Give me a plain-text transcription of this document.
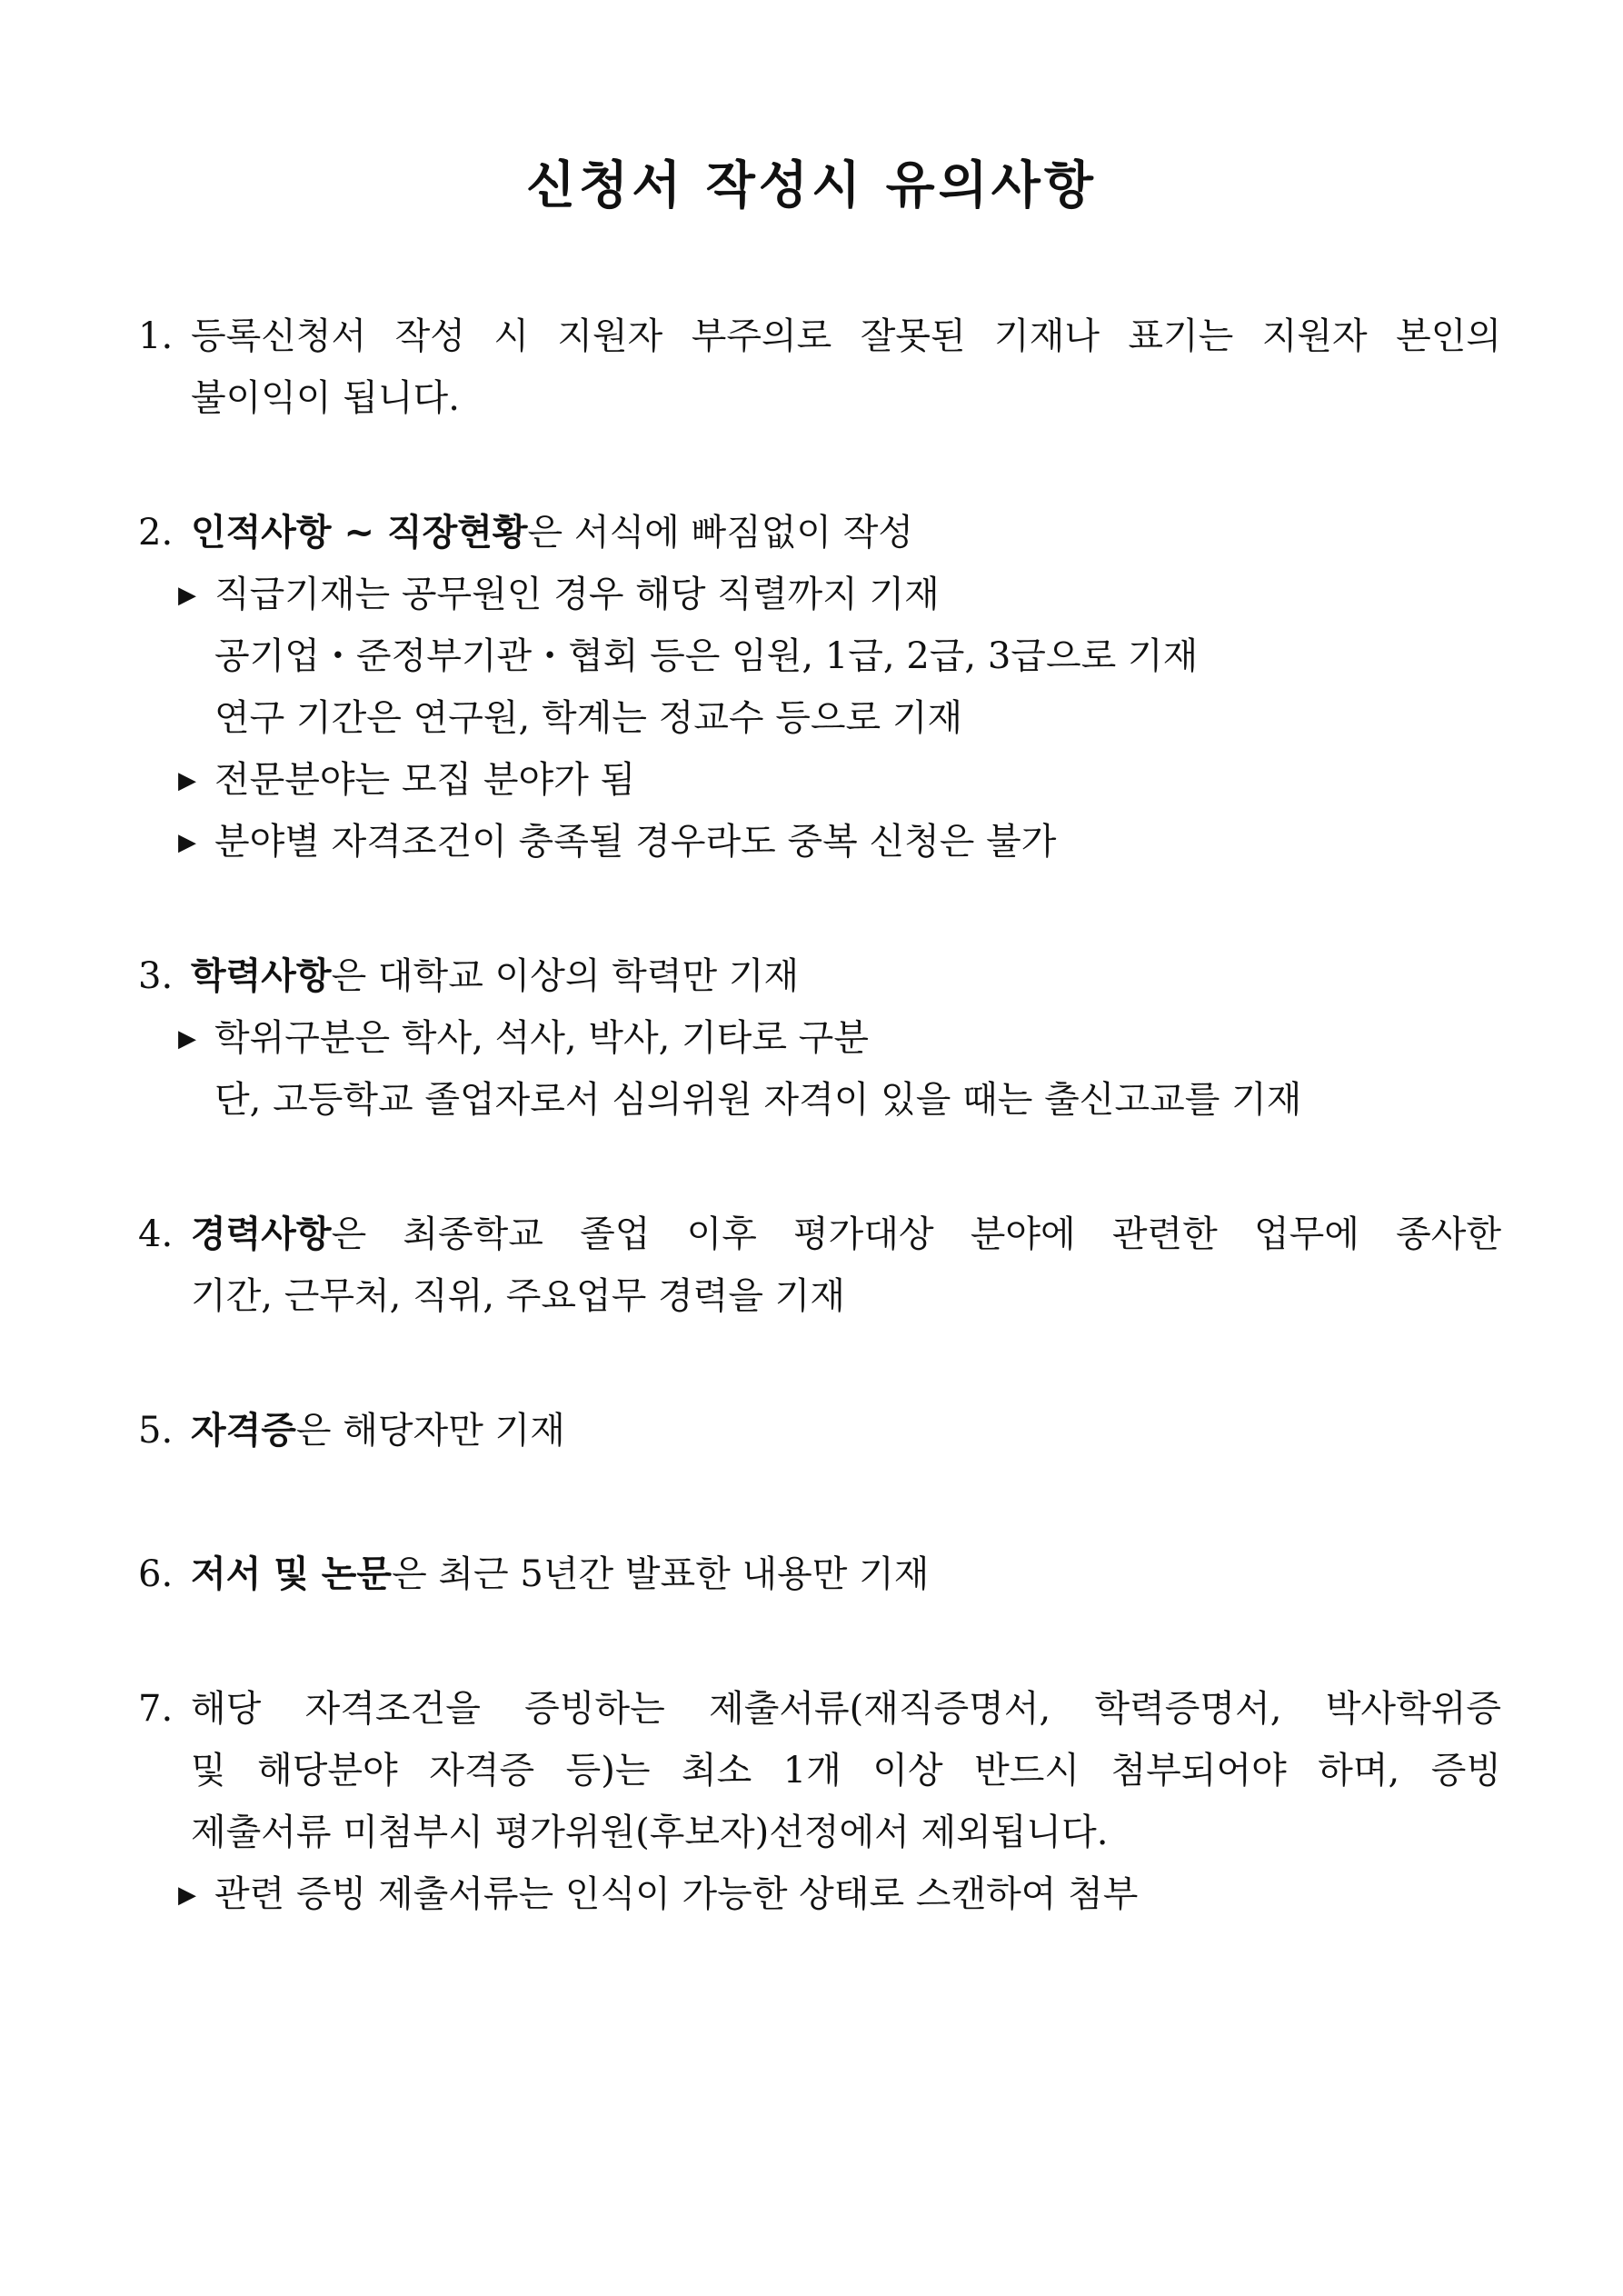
신청서 작성시 유의사항
1. 등록신청서 작성 시 지원자 부주의로 잘못된 기재나 표기는 지원자 본인의
불이익이 됩니다.
2. 인적사항 ~ 직장현황은 서식에 빠짐없이 작성
▶ 직급기재는 공무원인 경우 해당 직렬까지 기재
공기업・준정부기관・협회 등은 임원, 1급, 2급, 3급으로 기재
연구 기간은 연구원, 학계는 정교수 등으로 기재
▶ 전문분야는 모집 분야가 됨
▶ 분야별 자격조건이 충족될 경우라도 중복 신청은 불가
3. 학력사항은 대학교 이상의 학력만 기재
▶ 학위구분은 학사, 석사, 박사, 기타로 구분
단, 고등학교 졸업자로서 심의위원 자격이 있을 때는 출신고교를 기재
4. 경력사항은 최종학교 졸업 이후 평가대상 분야에 관련한 업무에 종사한
기간, 근무처, 직위, 주요업무 경력을 기재
5. 자격증은 해당자만 기재
6. 저서 및 논문은 최근 5년간 발표한 내용만 기재
7. 해당 자격조건을 증빙하는 제출서류(재직증명서, 학력증명서, 박사학위증
및 해당분야 자격증 등)는 최소 1개 이상 반드시 첨부되어야 하며, 증빙
제출서류 미첨부시 평가위원(후보자)선정에서 제외됩니다.
▶ 관련 증빙 제출서류는 인식이 가능한 상태로 스캔하여 첨부
